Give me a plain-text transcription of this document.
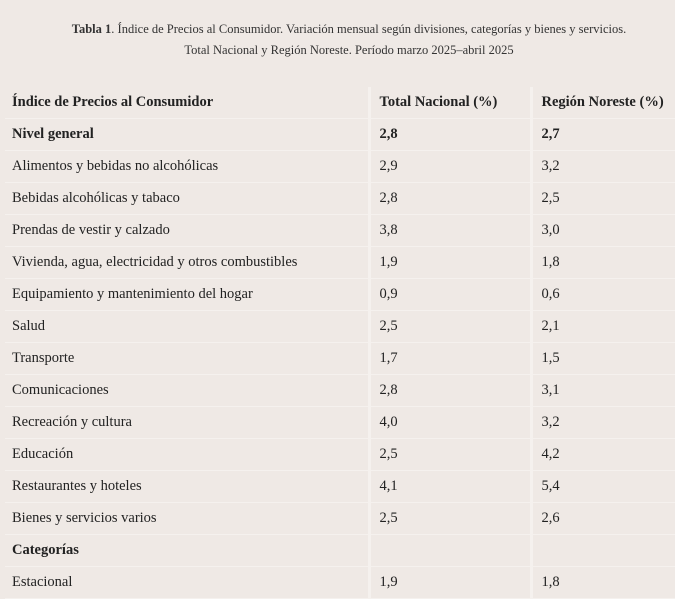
Tabla 1. Índice de Precios al Consumidor. Variación mensual según divisiones, categorías y bienes y servicios.
Total Nacional y Región Noreste. Período marzo 2025–abril 2025
Índice de Precios al Consumidor	Total Nacional (%)	Región Noreste (%)
Nivel general	2,8	2,7
Alimentos y bebidas no alcohólicas	2,9	3,2
Bebidas alcohólicas y tabaco	2,8	2,5
Prendas de vestir y calzado	3,8	3,0
Vivienda, agua, electricidad y otros combustibles	1,9	1,8
Equipamiento y mantenimiento del hogar	0,9	0,6
Salud	2,5	2,1
Transporte	1,7	1,5
Comunicaciones	2,8	3,1
Recreación y cultura	4,0	3,2
Educación	2,5	4,2
Restaurantes y hoteles	4,1	5,4
Bienes y servicios varios	2,5	2,6
Categorías		
Estacional	1,9	1,8
